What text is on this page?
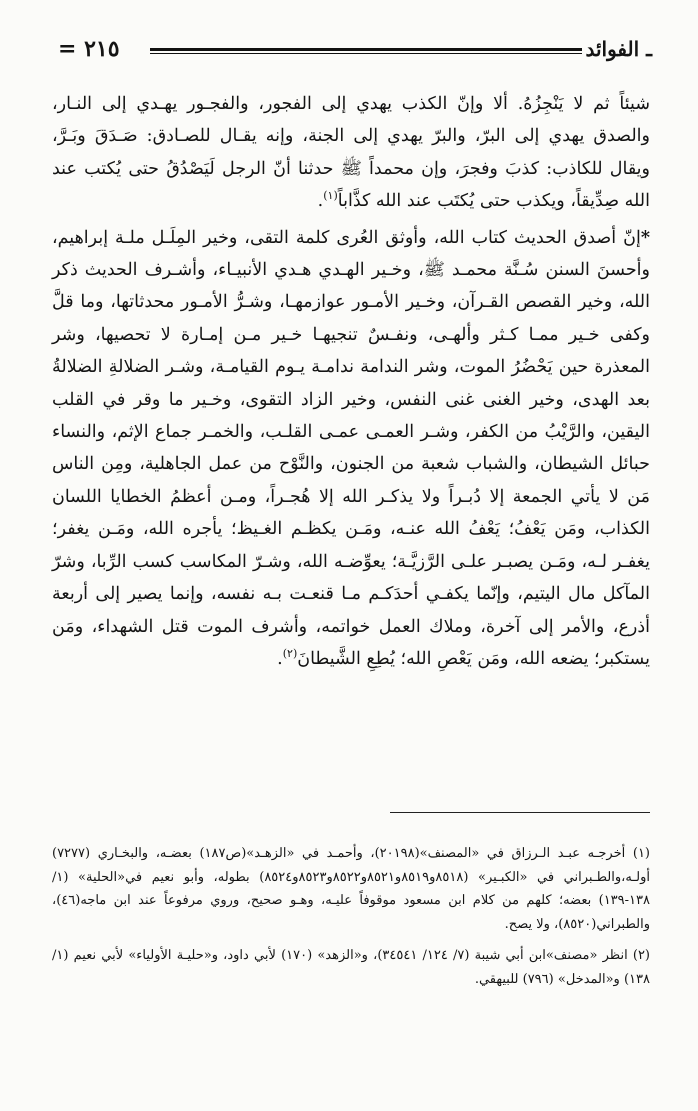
= ٢١٥	ـ الفوائد

شيئاً ثم لا يَنْجِزُهُ. ألا وإنّ الكذب يهدي إلى الفجور، والفجـور يهـدي إلى النـار، والصدق يهدي إلى البرّ، والبرّ يهدي إلى الجنة، وإنه يقـال للصـادق: صَـدَقَ وبَـرَّ، ويقال للكاذب: كذبَ وفجرَ، وإن محمداً ﷺ حدثنا أنّ الرجل لَيَصْدُقُ حتى يُكتب عند الله صِدِّيقاً، ويكذب حتى يُكتَب عند الله كذَّاباً$^{(١)}$.

*إنّ أصدق الحديث كتاب الله، وأوثق العُرى كلمة التقى، وخير المِلَـل ملـة إبراهيم، وأحسنَ السنن سُـنَّة محمـد ﷺ، وخـير الهـدي هـدي الأنبيـاء، وأشـرف الحديث ذكر الله، وخير القصص القـرآن، وخـير الأمـور عوازمهـا، وشـرُّ الأمـور محدثاتها، وما قلَّ وكفى خـير ممـا كـثر وألهـى، ونفـسٌ تنجيهـا خـير مـن إمـارة لا تحصيها، وشر المعذرة حين يَحْضُرُ الموت، وشر الندامة ندامـة يـوم القيامـة، وشـر الضلالةِ الضلالةُ بعد الهدى، وخير الغنى غنى النفس، وخير الزاد التقوى، وخـير ما وقر في القلب اليقين، والرَّيْبُ من الكفر، وشـر العمـى عمـى القلـب، والخمـر جماع الإثم، والنساء حبائل الشيطان، والشباب شعبة من الجنون، والنَّوْح من عمل الجاهلية، ومِن الناس مَن لا يأتي الجمعة إلا دُبـراً ولا يذكـر الله إلا هُجـراً، ومـن أعظمُ الخطايا اللسان الكذاب، ومَن يَعْفُ؛ يَعْفُ الله عنـه، ومَـن يكظـم الغـيظ؛ يأجره الله، ومَـن يغفر؛ يغفـر لـه، ومَـن يصبـر علـى الرَّزيَّـة؛ يعوِّضـه الله، وشـرّ المكاسب كسب الرِّبا، وشرّ المآكل مال اليتيم، وإنّما يكفـي أحدَكـم مـا قنعـت بـه نفسه، وإنما يصير إلى أربعة أذرع، والأمر إلى آخرة، وملاك العمل خواتمه، وأشرف الموت قتل الشهداء، ومَن يستكبر؛ يضعه الله، ومَن يَعْصِ الله؛ يُطِعِ الشَّيطانَ$^{(٢)}$.

(١) أخرجـه عبـد الـرزاق في «المصنف»(٢٠١٩٨)، وأحمـد في «الزهـد»(ص١٨٧) بعضـه، والبخـاري (٧٢٧٧) أولـه،والطـبراني في «الكبـير» (٨٥١٨و٨٥١٩و٨٥٢١و٨٥٢٢و٨٥٢٣و٨٥٢٤) بطوله، وأبو نعيم في«الحلية» (١/ ١٣٨-١٣٩) بعضه؛ كلهم من كلام ابن مسعود موقوفاً عليـه، وهـو صحيح، وروي مرفوعاً عند ابن ماجه(٤٦)، والطبراني(٨٥٢٠)، ولا يصح.

(٢) انظر «مصنف»ابن أبي شيبة (٧/ ١٢٤/ ٣٤٥٤١)، و«الزهد» (١٧٠) لأبي داود، و«حليـة الأولياء» لأبي نعيم (١/ ١٣٨) و«المدخل» (٧٩٦) للبيهقي.
